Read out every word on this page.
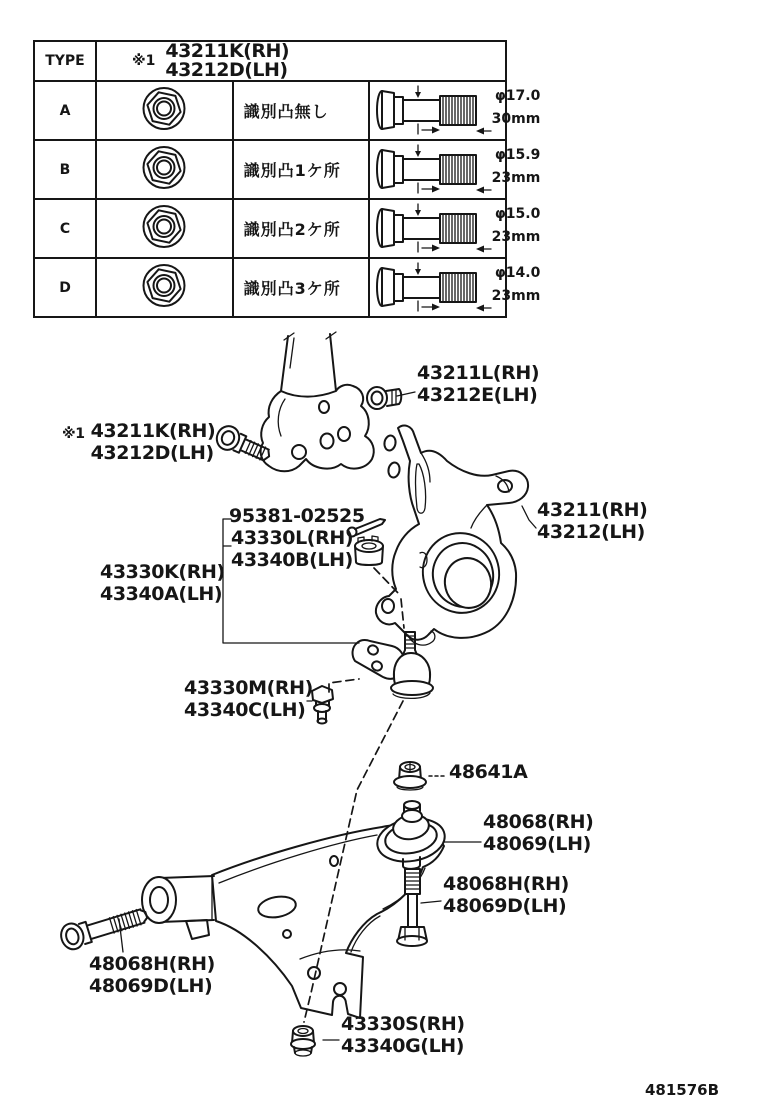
TYPE	※1 43211K(RH)
43212D(LH)		

A		識別凸無し	φ17.0
30mm

B		識別凸1ケ所	φ15.9
23mm

C		識別凸2ケ所	φ15.0
23mm

D		識別凸3ケ所	φ14.0
23mm
43211L(RH)
43212E(LH)
※1 43211K(RH)
43212D(LH)
95381-02525
43330L(RH)
43340B(LH)
43330K(RH)
43340A(LH)
43211(RH)
43212(LH)
43330M(RH)
43340C(LH)
48641A
48068(RH)
48069(LH)
48068H(RH)
48069D(LH)
48068H(RH)
48069D(LH)
43330S(RH)
43340G(LH)
481576B
